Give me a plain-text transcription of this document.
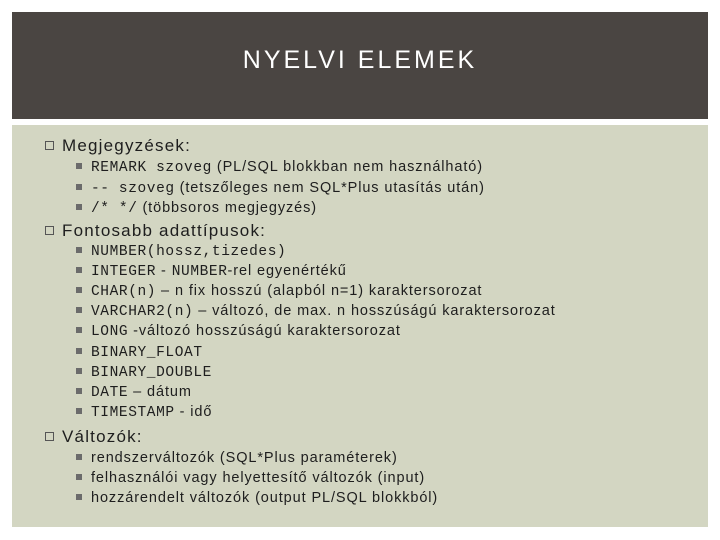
NYELVI ELEMEK
Megjegyzések:
REMARK szoveg (PL/SQL blokkban nem használható)
-- szoveg (tetszőleges nem SQL*Plus utasítás után)
/* */ (többsoros megjegyzés)
Fontosabb adattípusok:
NUMBER(hossz,tizedes)
INTEGER - NUMBER-rel egyenértékű
CHAR(n) – n fix hosszú (alapból n=1) karaktersorozat
VARCHAR2(n) – változó, de max. n hosszúságú karaktersorozat
LONG -változó hosszúságú karaktersorozat
BINARY_FLOAT
BINARY_DOUBLE
DATE – dátum
TIMESTAMP - idő
Változók:
rendszerváltozók (SQL*Plus paraméterek)
felhasználói vagy helyettesítő változók (input)
hozzárendelt változók (output PL/SQL blokkból)
